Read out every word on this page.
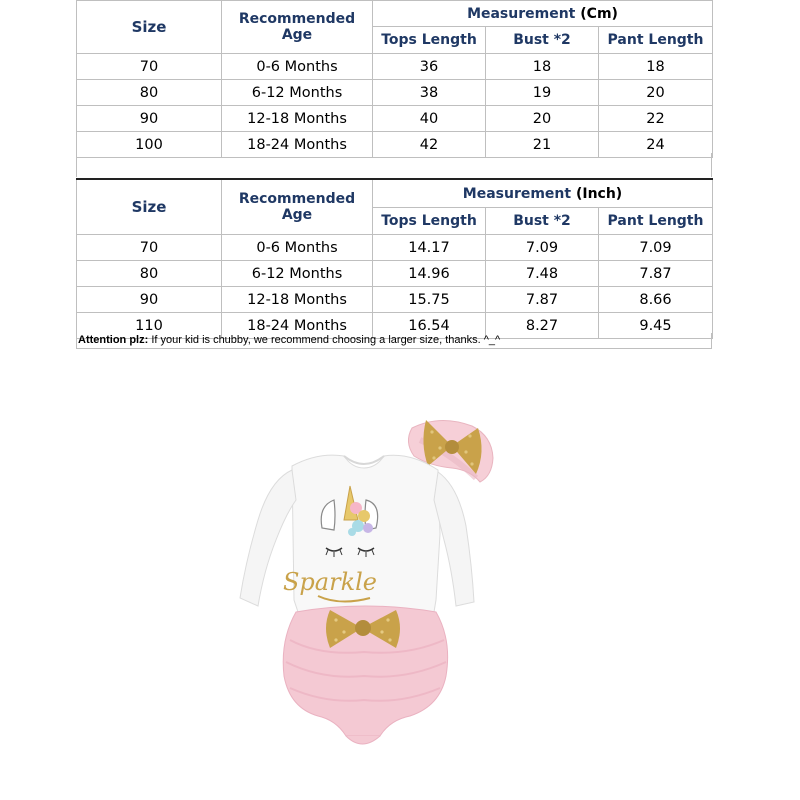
Size	Recommended Age	Measurement (Cm)		
		Tops Length	Bust *2	Pant Length
70	0-6 Months	36	18	18
80	6-12 Months	38	19	20
90	12-18 Months	40	20	22
100	18-24 Months	42	21	24
Size	Recommended Age	Measurement (Inch)		
		Tops Length	Bust *2	Pant Length
70	0-6 Months	14.17	7.09	7.09
80	6-12 Months	14.96	7.48	7.87
90	12-18 Months	15.75	7.87	8.66
110	18-24 Months	16.54	8.27	9.45
Attention plz: If your kid is chubby, we recommend choosing a larger size, thanks. ^_^
Sparkle
